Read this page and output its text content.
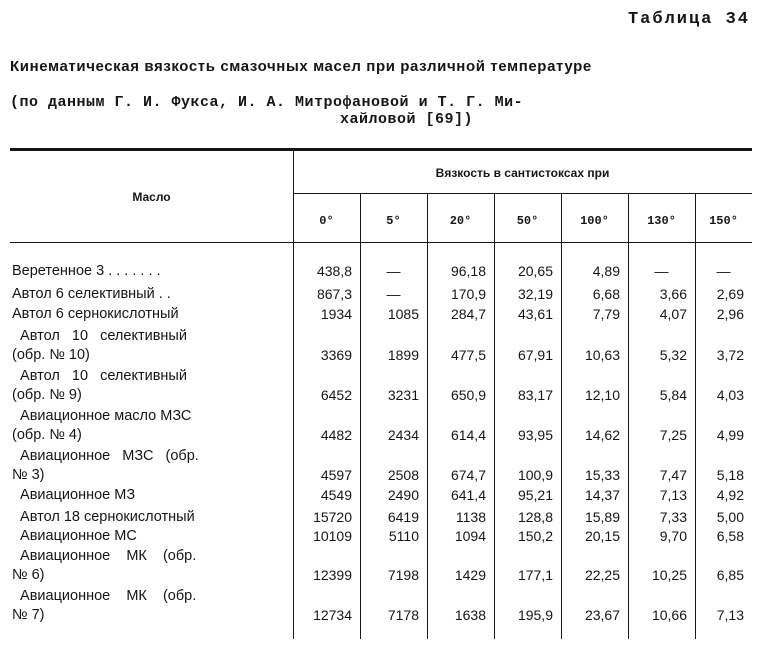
Таблица 34
Кинематическая вязкость смазочных масел при различной температуре
(по данным Г. И. Фукса, И. А. Митрофановой и Т. Г. Ми-
хайловой [69])
Масло
Вязкость в сантистоксах при
0°	5°	20°	50°	100°	130°	150°
Веретенное 3 . . . . . . .	438,8	—	96,18	20,65	4,89	—	—
Автол 6 селективный . .	867,3	—	170,9	32,19	6,68	3,66	2,69
Автол 6 сернокислотный	1934	1085	284,7	43,61	7,79	4,07	2,96
Автол   10   селективный
(обр. № 10)	3369	1899	477,5	67,91	10,63	5,32	3,72
Автол   10   селективный
(обр. № 9)	6452	3231	650,9	83,17	12,10	5,84	4,03
Авиационное масло МЗС
(обр. № 4)	4482	2434	614,4	93,95	14,62	7,25	4,99
Авиационное   МЗС   (обр.
№ 3)	4597	2508	674,7	100,9	15,33	7,47	5,18
Авиационное МЗ	4549	2490	641,4	95,21	14,37	7,13	4,92
Автол 18 сернокислотный	15720	6419	1138	128,8	15,89	7,33	5,00
Авиационное МС	10109	5110	1094	150,2	20,15	9,70	6,58
Авиационное    МК    (обр.
№ 6)	12399	7198	1429	177,1	22,25	10,25	6,85
Авиационное    МК    (обр.
№ 7)	12734	7178	1638	195,9	23,67	10,66	7,13
